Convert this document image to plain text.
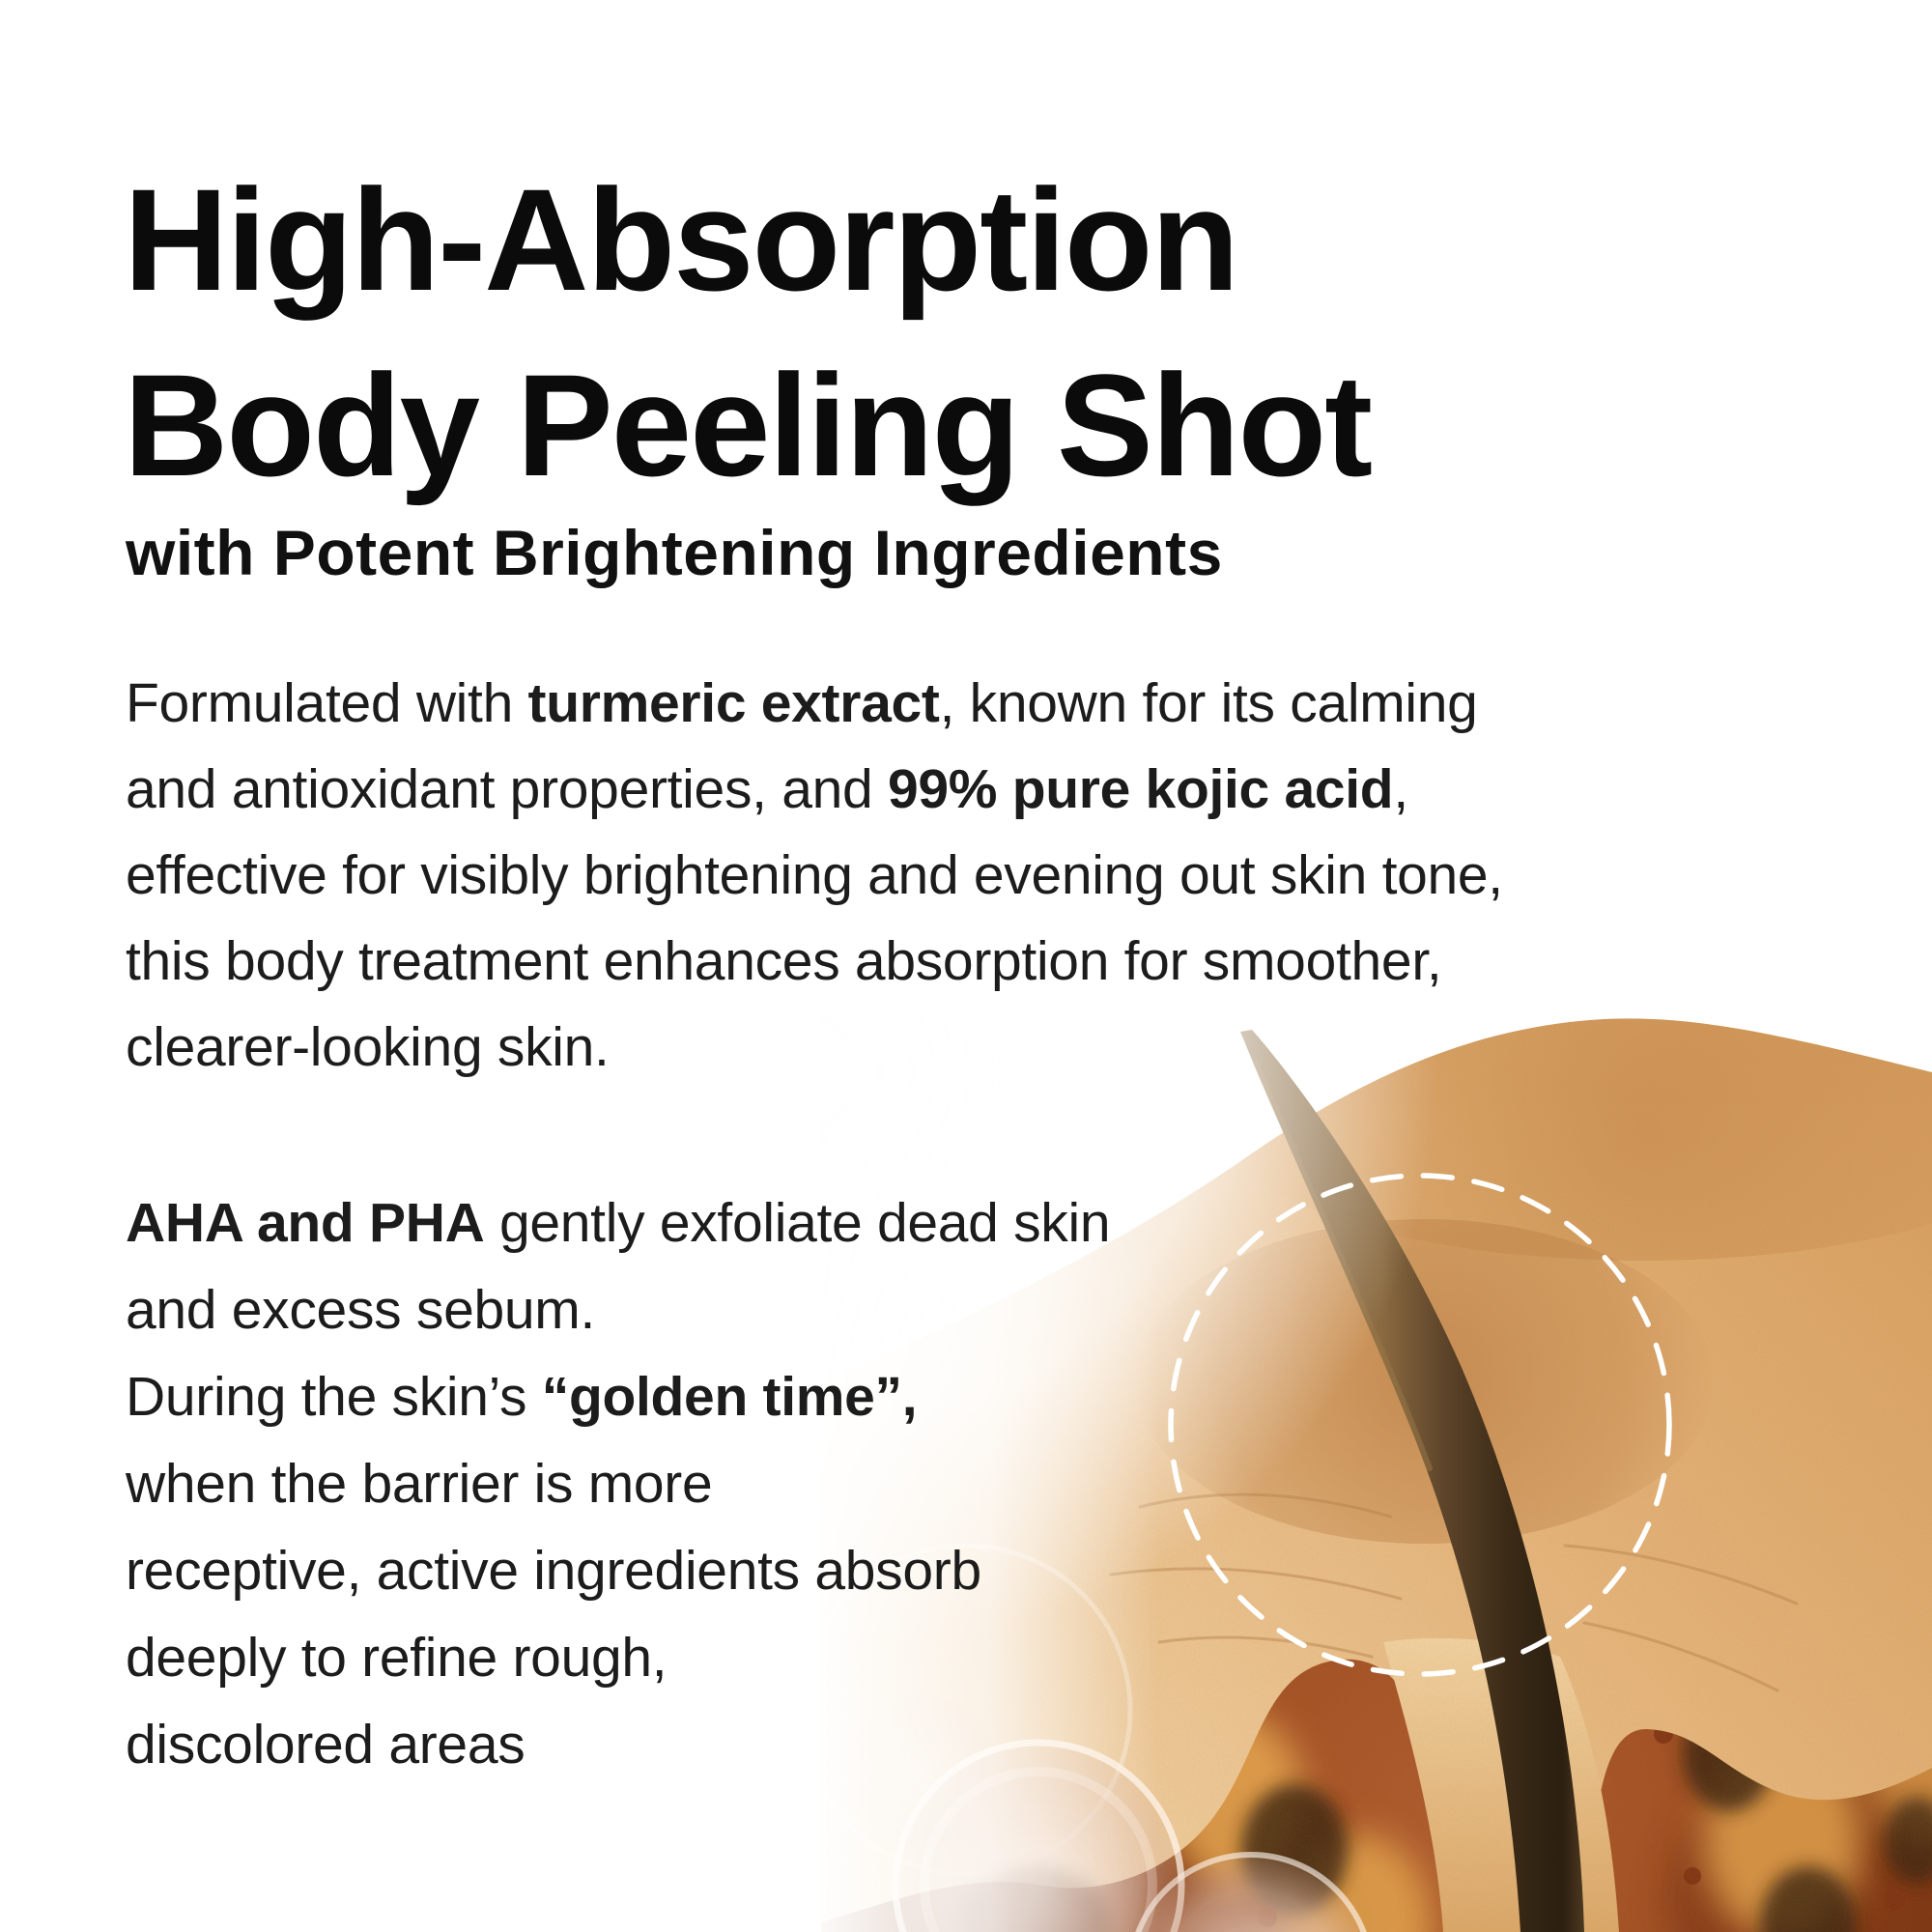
High-Absorption
Body Peeling Shot
with Potent Brightening Ingredients

Formulated with turmeric extract, known for its calming
and antioxidant properties, and 99% pure kojic acid,
effective for visibly brightening and evening out skin tone,
this body treatment enhances absorption for smoother,
clearer-looking skin.

AHA and PHA gently exfoliate dead skin
and excess sebum.
During the skin’s “golden time”,
when the barrier is more
receptive, active ingredients absorb
deeply to refine rough,
discolored areas
